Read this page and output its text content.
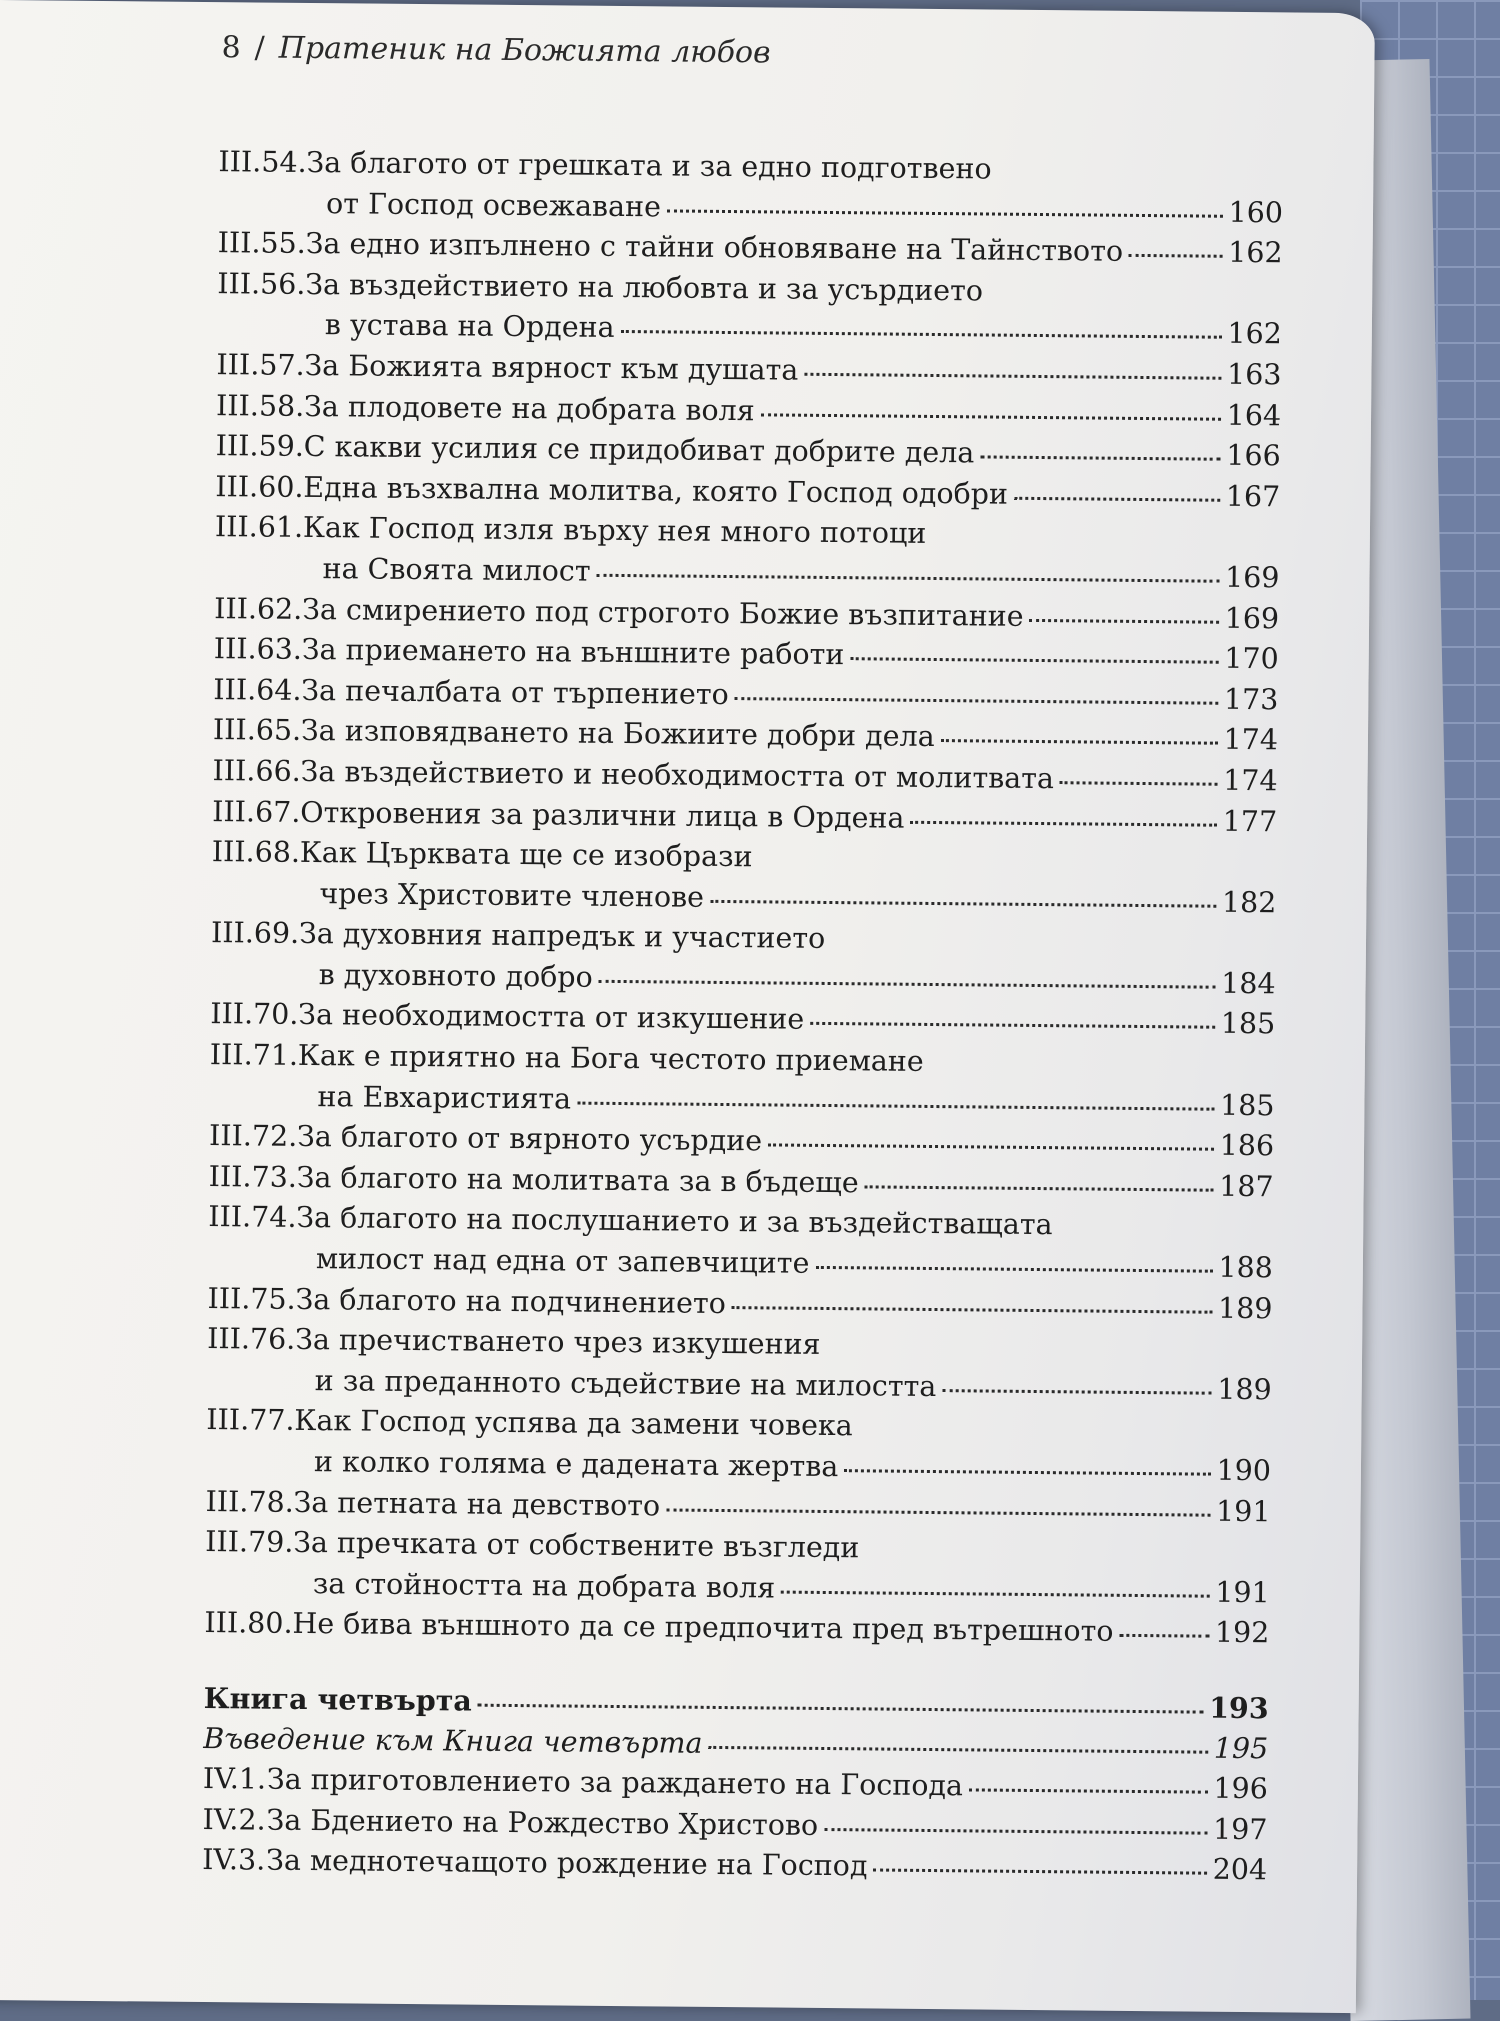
8 / Пратеник на Божията любов
III.54. За благото от грешката и за едно подготвено
от Господ освежаване	160
III.55. За едно изпълнено с тайни обновяване на Тайнството	162
III.56. За въздействието на любовта и за усърдието
в устава на Ордена	162
III.57. За Божията вярност към душата	163
III.58. За плодовете на добрата воля	164
III.59. С какви усилия се придобиват добрите дела	166
III.60. Една възхвална молитва, която Господ одобри	167
III.61. Как Господ изля върху нея много потоци
на Своята милост	169
III.62. За смирението под строгото Божие възпитание	169
III.63. За приемането на външните работи	170
III.64. За печалбата от търпението	173
III.65. За изповядването на Божиите добри дела	174
III.66. За въздействието и необходимостта от молитвата	174
III.67. Откровения за различни лица в Ордена	177
III.68. Как Църквата ще се изобрази
чрез Христовите членове	182
III.69. За духовния напредък и участието
в духовното добро	184
III.70. За необходимостта от изкушение	185
III.71. Как е приятно на Бога честото приемане
на Евхаристията	185
III.72. За благото от вярното усърдие	186
III.73. За благото на молитвата за в бъдеще	187
III.74. За благото на послушанието и за въздействащата
милост над една от запевчиците	188
III.75. За благото на подчинението	189
III.76. За пречистването чрез изкушения
и за преданното съдействие на милостта	189
III.77. Как Господ успява да замени човека
и колко голяма е дадената жертва	190
III.78. За петната на девството	191
III.79. За пречката от собствените възгледи
за стойността на добрата воля	191
III.80. Не бива външното да се предпочита пред вътрешното	192
Книга четвърта	193
Въведение към Книга четвърта	195
IV.1. За приготовлението за раждането на Господа	196
IV.2. За Бдението на Рождество Христово	197
IV.3. За меднотечащото рождение на Господ	204
